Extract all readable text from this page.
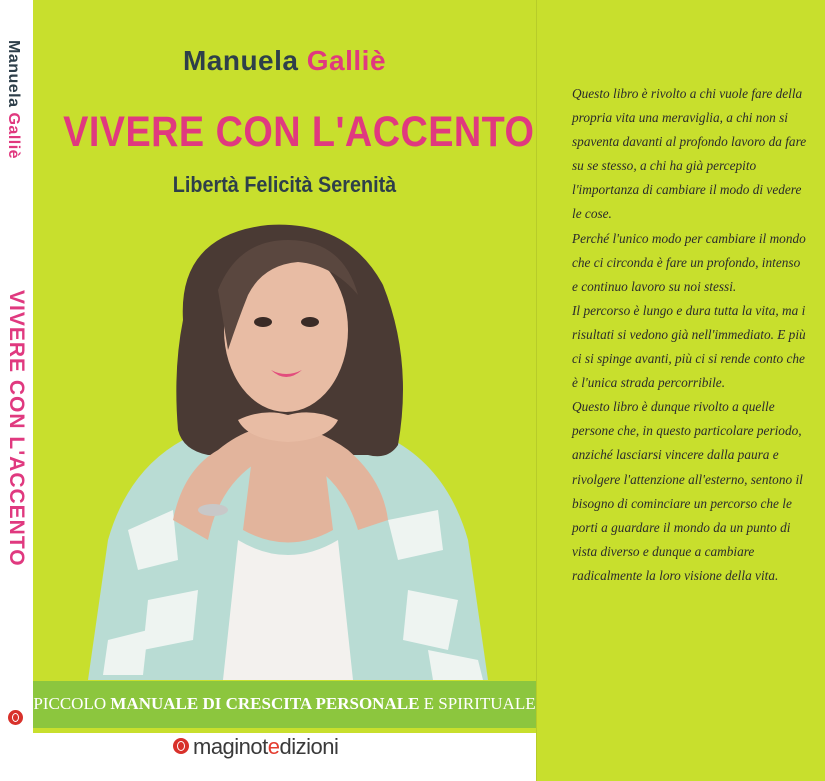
Manuela Galliè
VIVERE CON L'ACCENTO
Manuela Galliè
VIVERE CON L'ACCENTO
Libertà Felicità Serenità
PICCOLO MANUALE DI CRESCITA PERSONALE E SPIRITUALE
maginotedizioni

Questo libro è rivolto a chi vuole fare della propria vita una meraviglia, a chi non si spaventa davanti al profondo lavoro da fare su se stesso, a chi ha già percepito l'importanza di cambiare il modo di vedere le cose.

Perché l'unico modo per cambiare il mondo che ci circonda è fare un profondo, intenso e continuo lavoro su noi stessi.

Il percorso è lungo e dura tutta la vita, ma i risultati si vedono già nell'immediato. E più ci si spinge avanti, più ci si rende conto che è l'unica strada percorribile.

Questo libro è dunque rivolto a quelle persone che, in questo particolare periodo, anziché lasciarsi vincere dalla paura e rivolgere l'attenzione all'esterno, sentono il bisogno di cominciare un percorso che le porti a guardare il mondo da un punto di vista diverso e dunque a cambiare radicalmente la loro visione della vita.
